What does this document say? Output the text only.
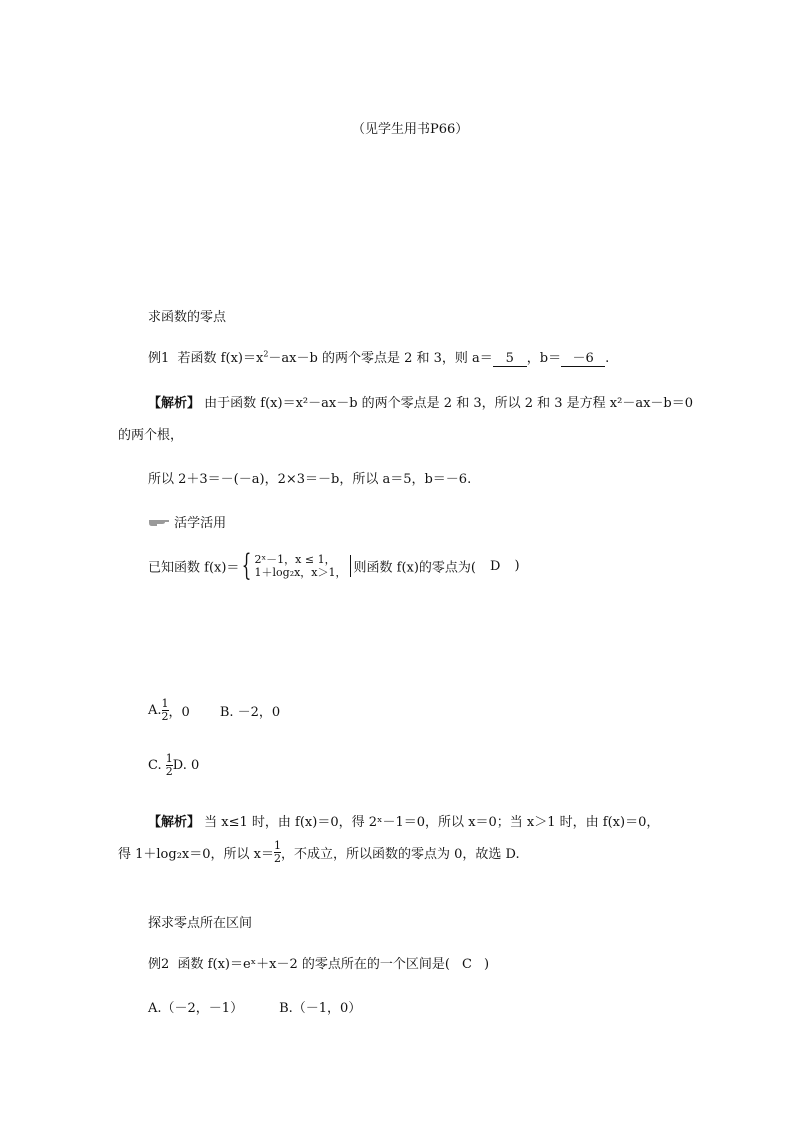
（见学生用书P66）
求函数的零点
例1 若函数 $f(x)=x^2-ax-b$ 的两个零点是 2 和 3，则 a＝ 5 ，b＝ －6 .
【解析】 由于函数 f(x)＝x²－ax－b 的两个零点是 2 和 3，所以 2 和 3 是方程 x²－ax－b＝0
的两个根，
所以 2＋3＝－(－a)，2×3＝－b，所以 a＝5，b＝－6.
活学活用
已知函数 f(x)＝{ 2ˣ－1，x ≤ 1，
1＋log₂x，x＞1， 则函数 f(x)的零点为( D )
A. $\frac{1}{2}$ ，0 B. －2，0
C. $\frac{1}{2} D$. 0
【解析】 当 x≤1 时，由 f(x)＝0，得 2ˣ－1＝0，所以 x＝0；当 x＞1 时，由 f(x)＝0，
得 1＋log₂x＝0，所以 $x= \frac{1}{2}$ ，不成立，所以函数的零点为 0，故选 D.
探求零点所在区间
例2 函数 f(x)＝eˣ＋x－2 的零点所在的一个区间是( C )
A.（－2，－1）	B.（－1，0）
